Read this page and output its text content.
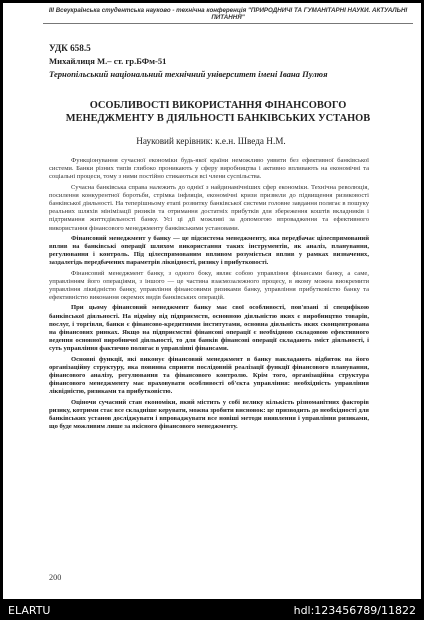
III Всеукраїнська студентська науково - технічна конференція "ПРИРОДНИЧІ ТА ГУМАНІТАРНІ НАУКИ. АКТУАЛЬНІ ПИТАННЯ"
УДК 658.5
Михайлиця М.– ст. гр.БФм-51
Тернопільський національний технічний університет імені Івана Пулюя
ОСОБЛИВОСТІ ВИКОРИСТАННЯ ФІНАНСОВОГО МЕНЕДЖМЕНТУ В ДІЯЛЬНОСТІ БАНКІВСЬКИХ УСТАНОВ
Науковий керівник: к.е.н. Шведа Н.М.

Функціонування сучасної економіки будь-якої країни неможливо уявити без ефективної банківської системи. Банки різних типів глибоко проникають у сферу виробництва і активно впливають на економічні та соціальні процеси, тому з ними постійно стикаються всі члени суспільства.

Сучасна банківська справа належить до однієї з найдинамічніших сфер економіки. Технічна революція, посилення конкурентної боротьби, стрімка інфляція, економічні кризи призвели до підвищення ризиковості банківської діяльності. На теперішньому етапі розвитку банківської системи головне завдання полягає в пошуку реальних шляхів мінімізації ризиків та отримання достатніх прибутків для збереження коштів вкладників і підтримання життєдіяльності банку. Усі ці дії можливі за допомогою впровадження та ефективного використання фінансового менеджменту банківськими установами.

Фінансовий менеджмент у банку — це підсистема менеджменту, яка передбачає цілеспрямований вплив на банківські операції шляхом використання таких інструментів, як аналіз, планування, регулювання і контроль. Під цілеспрямованим впливом розуміється вплив у рамках визначених, заздалегідь передбачених параметрів ліквідності, ризику і прибутковості.

Фінансовий менеджмент банку, з одного боку, являє собою управління фінансами банку, а саме, управлінням його операціями, з іншого — це частина взаємозалежного процесу, в якому можна виокремити управління ліквідністю банку, управління фінансовими ризиками банку, управління прибутковістю банку та ефективністю виконання окремих видів банківських операцій.

При цьому фінансовий менеджмент банку має свої особливості, пов'язані зі специфікою банківської діяльності. На відміну від підприємств, основною діяльністю яких є виробництво товарів, послуг, і торгівля, банки є фінансово-кредитними інститутами, основна діяльність яких сконцентрована на фінансових ринках. Якщо на підприємстві фінансові операції є необхідною складовою ефективного ведення основної виробничої діяльності, то для банків фінансові операції складають зміст діяльності, і суть управління фактично полягає в управлінні фінансами.

Основні функції, які виконує фінансовий менеджмент в банку накладають відбиток на його організаційну структуру, яка повинна сприяти послідовній реалізації функції фінансового планування, фінансового аналізу, регулювання та фінансового контролю. Крім того, організаційна структура фінансового менеджменту має враховувати особливості об'єкта управління: необхідність управління ліквідністю, ризиками та прибутковістю.

Оціночи сучасний стан економіки, який містить у собі велику кількість різноманітних факторів ризику, котрими стає все складніше керувати, можна зробити висновок: це призводить до необхідності для банківських установ досліджувати і впроваджувати все новіші методи виявлення і управління ризиками, що буде можливим лише за якісного фінансового менеджменту.

200
ELARTU	hdl:123456789/11822
